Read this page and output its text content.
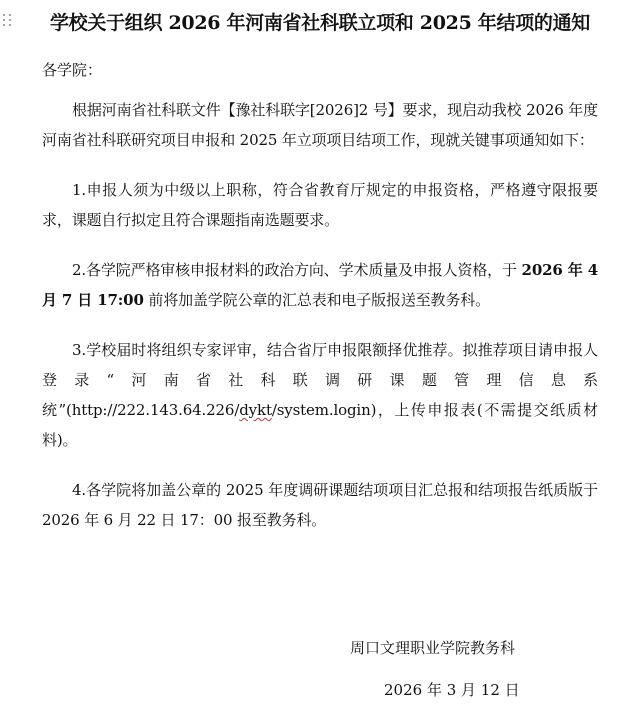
学校关于组织 2026 年河南省社科联立项和 2025 年结项的通知

各学院：

根据河南省社科联文件【豫社科联字[2026]2 号】要求，现启动我校 2026 年度河南省社科联研究项目申报和 2025 年立项项目结项工作，现就关键事项通知如下：

1.申报人须为中级以上职称，符合省教育厅规定的申报资格，严格遵守限报要求，课题自行拟定且符合课题指南选题要求。

2.各学院严格审核申报材料的政治方向、学术质量及申报人资格，于 2026 年 4 月 7 日 17:00 前将加盖学院公章的汇总表和电子版报送至教务科。

3.学校届时将组织专家评审，结合省厅申报限额择优推荐。拟推荐项目请申报人登录“河南省社科联调研课题管理信息系统”(http://222.143.64.226/dykt/system.login)，上传申报表(不需提交纸质材料)。

4.各学院将加盖公章的 2025 年度调研课题结项项目汇总报和结项报告纸质版于 2026 年 6 月 22 日 17：00 报至教务科。

周口文理职业学院教务科
2026 年 3 月 12 日
